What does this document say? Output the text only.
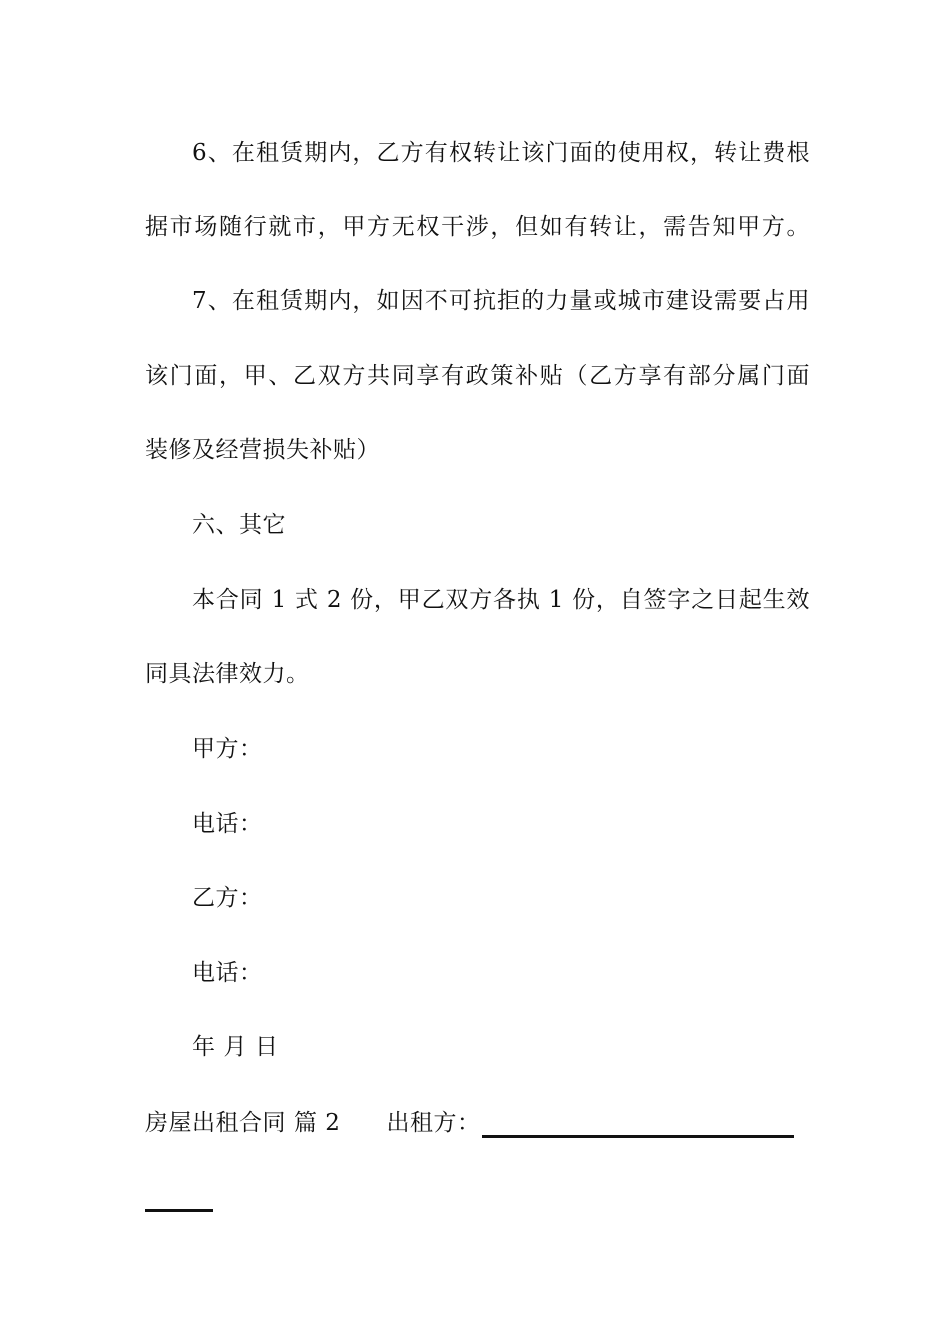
6、在租赁期内，乙方有权转让该门面的使用权，转让费根
据市场随行就市，甲方无权干涉，但如有转让，需告知甲方。
7、在租赁期内，如因不可抗拒的力量或城市建设需要占用
该门面，甲、乙双方共同享有政策补贴（乙方享有部分属门面
装修及经营损失补贴）
六、其它
本合同 1 式 2 份，甲乙双方各执 1 份，自签字之日起生效
同具法律效力。
甲方：
电话：
乙方：
电话：
年 月 日
房屋出租合同 篇 2 出租方：
